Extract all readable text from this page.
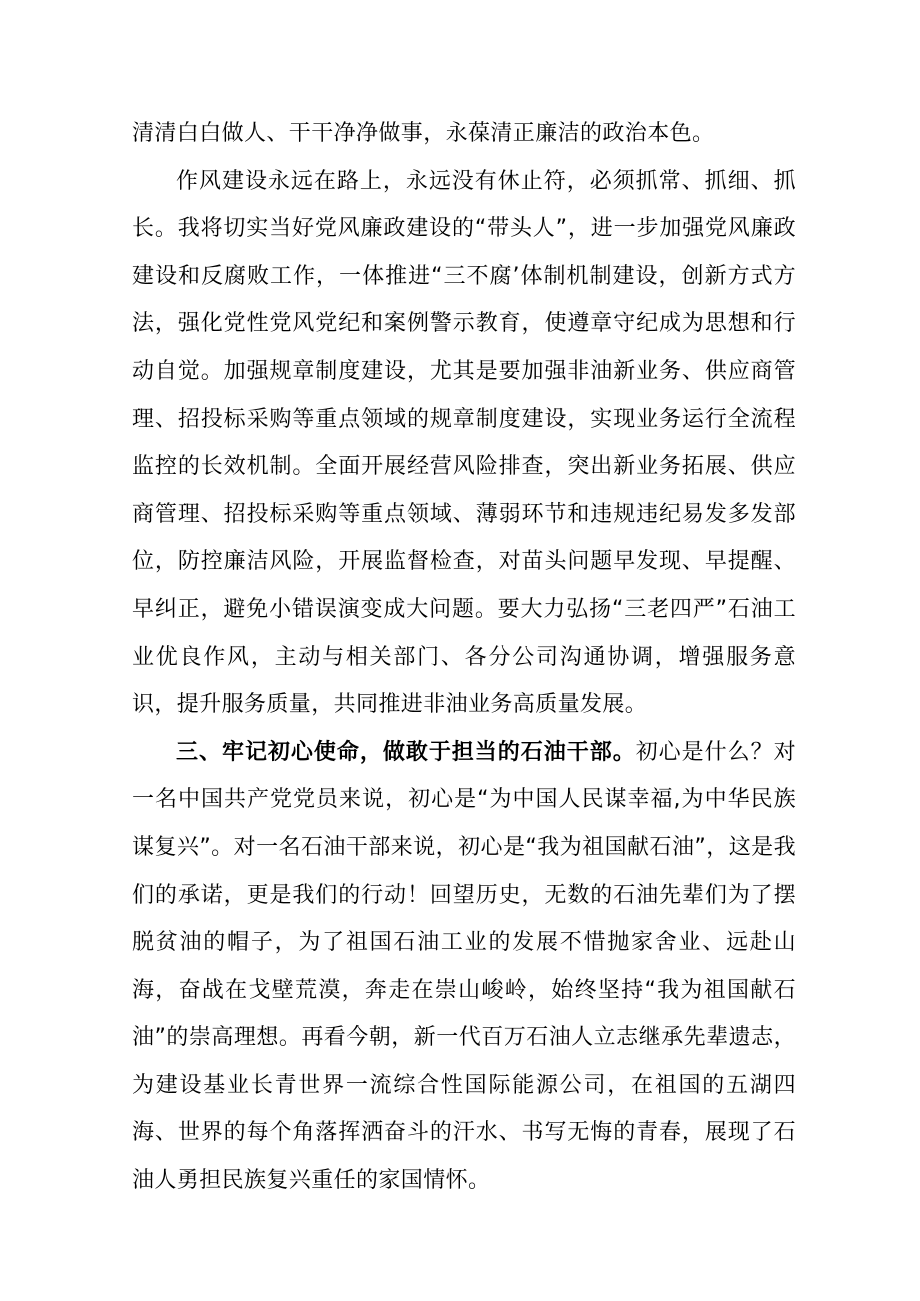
清清白白做人、干干净净做事，永葆清正廉洁的政治本色。

作风建设永远在路上，永远没有休止符，必须抓常、抓细、抓长。我将切实当好党风廉政建设的“带头人”，进一步加强党风廉政建设和反腐败工作，一体推进“三不腐’体制机制建设，创新方式方法，强化党性党风党纪和案例警示教育，使遵章守纪成为思想和行动自觉。加强规章制度建设，尤其是要加强非油新业务、供应商管理、招投标采购等重点领域的规章制度建设，实现业务运行全流程监控的长效机制。全面开展经营风险排查，突出新业务拓展、供应商管理、招投标采购等重点领域、薄弱环节和违规违纪易发多发部位，防控廉洁风险，开展监督检查，对苗头问题早发现、早提醒、早纠正，避免小错误演变成大问题。要大力弘扬“三老四严”石油工业优良作风，主动与相关部门、各分公司沟通协调，增强服务意识，提升服务质量，共同推进非油业务高质量发展。

三、牢记初心使命，做敢于担当的石油干部。初心是什么？对一名中国共产党党员来说，初心是“为中国人民谋幸福,为中华民族谋复兴”。对一名石油干部来说，初心是“我为祖国献石油”，这是我们的承诺，更是我们的行动！回望历史，无数的石油先辈们为了摆脱贫油的帽子，为了祖国石油工业的发展不惜抛家舍业、远赴山海，奋战在戈壁荒漠，奔走在崇山峻岭，始终坚持“我为祖国献石油”的崇高理想。再看今朝，新一代百万石油人立志继承先辈遗志，为建设基业长青世界一流综合性国际能源公司，在祖国的五湖四海、世界的每个角落挥洒奋斗的汗水、书写无悔的青春，展现了石油人勇担民族复兴重任的家国情怀。
